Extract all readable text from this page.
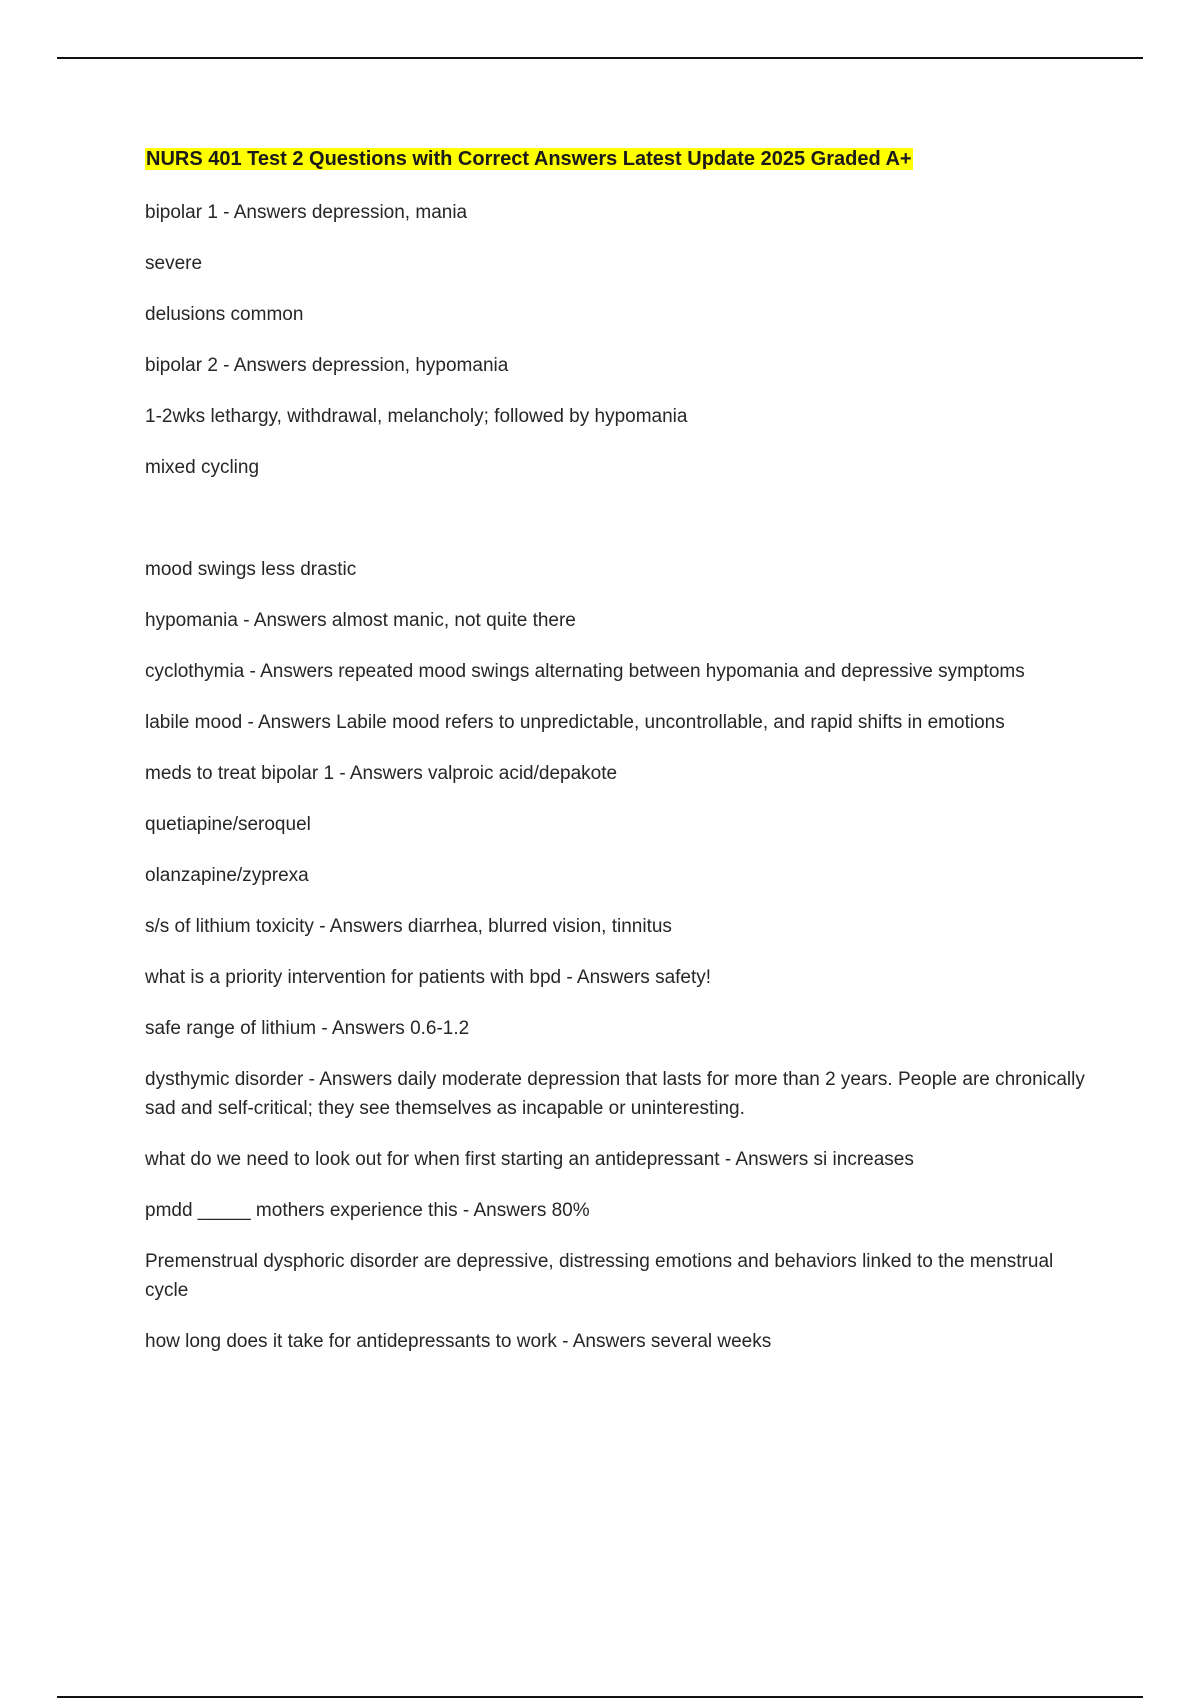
NURS 401 Test 2 Questions with Correct Answers Latest Update 2025 Graded A+

bipolar 1 - Answers depression, mania

severe

delusions common

bipolar 2 - Answers depression, hypomania

1-2wks lethargy, withdrawal, melancholy; followed by hypomania

mixed cycling

mood swings less drastic

hypomania - Answers almost manic, not quite there

cyclothymia - Answers repeated mood swings alternating between hypomania and depressive symptoms

labile mood - Answers Labile mood refers to unpredictable, uncontrollable, and rapid shifts in emotions

meds to treat bipolar 1 - Answers valproic acid/depakote

quetiapine/seroquel

olanzapine/zyprexa

s/s of lithium toxicity - Answers diarrhea, blurred vision, tinnitus

what is a priority intervention for patients with bpd - Answers safety!

safe range of lithium - Answers 0.6-1.2

dysthymic disorder - Answers daily moderate depression that lasts for more than 2 years. People are chronically sad and self-critical; they see themselves as incapable or uninteresting.

what do we need to look out for when first starting an antidepressant - Answers si increases

pmdd _____ mothers experience this - Answers 80%

Premenstrual dysphoric disorder are depressive, distressing emotions and behaviors linked to the menstrual cycle

how long does it take for antidepressants to work - Answers several weeks
